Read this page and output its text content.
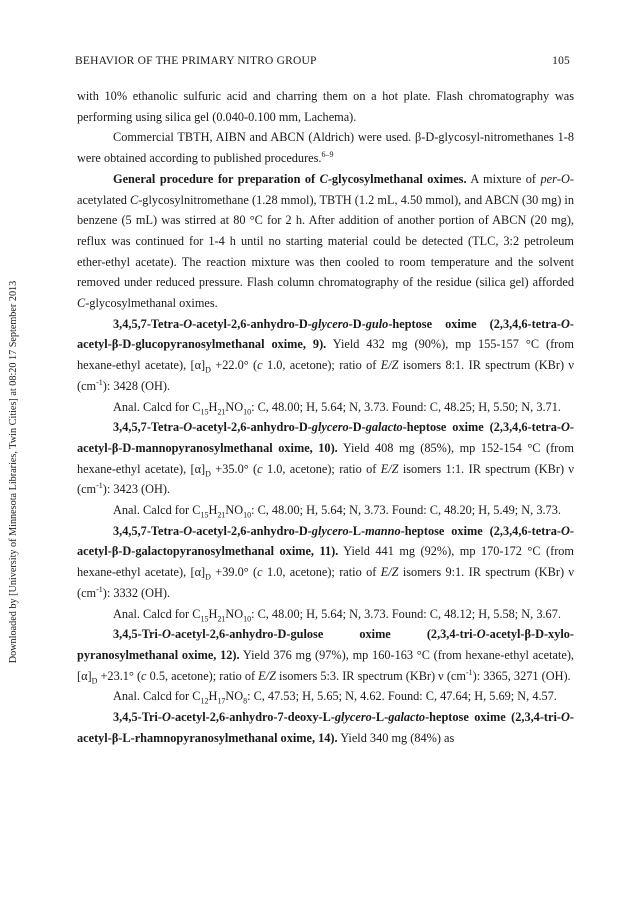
BEHAVIOR OF THE PRIMARY NITRO GROUP	105
Downloaded by [University of Minnesota Libraries, Twin Cities] at 08:20 17 September 2013

with 10% ethanolic sulfuric acid and charring them on a hot plate. Flash chromatography was performing using silica gel (0.040-0.100 mm, Lachema).

Commercial TBTH, AIBN and ABCN (Aldrich) were used. β-D-glycosyl-nitromethanes 1-8 were obtained according to published procedures.$^{6-9}$

General procedure for preparation of C-glycosylmethanal oximes. A mixture of per-O-acetylated C-glycosylnitromethane (1.28 mmol), TBTH (1.2 mL, 4.50 mmol), and ABCN (30 mg) in benzene (5 mL) was stirred at 80 °C for 2 h. After addition of another portion of ABCN (20 mg), reflux was continued for 1-4 h until no starting material could be detected (TLC, 3:2 petroleum ether-ethyl acetate). The reaction mixture was then cooled to room temperature and the solvent removed under reduced pressure. Flash column chromatography of the residue (silica gel) afforded C-glycosylmethanal oximes.

3,4,5,7-Tetra-O-acetyl-2,6-anhydro-D-glycero-D-gulo-heptose oxime (2,3,4,6-tetra-O-acetyl-β-D-glucopyranosylmethanal oxime, 9). Yield 432 mg (90%), mp 155-157 °C (from hexane-ethyl acetate), $[\alpha]_D +22.0^\circ$ (c 1.0, acetone); ratio of E/Z isomers 8:1. IR spectrum (KBr) ν $(cm^{-1})$: 3428 (OH).

Anal. Calcd for $C_{15}H_{21}NO_{10}$: C, 48.00; H, 5.64; N, 3.73. Found: C, 48.25; H, 5.50; N, 3.71.

3,4,5,7-Tetra-O-acetyl-2,6-anhydro-D-glycero-D-galacto-heptose oxime (2,3,4,6-tetra-O-acetyl-β-D-mannopyranosylmethanal oxime, 10). Yield 408 mg (85%), mp 152-154 °C (from hexane-ethyl acetate), $[\alpha]_D +35.0^\circ$ (c 1.0, acetone); ratio of E/Z isomers 1:1. IR spectrum (KBr) ν $(cm^{-1})$: 3423 (OH).

Anal. Calcd for $C_{15}H_{21}NO_{10}$: C, 48.00; H, 5.64; N, 3.73. Found: C, 48.20; H, 5.49; N, 3.73.

3,4,5,7-Tetra-O-acetyl-2,6-anhydro-D-glycero-L-manno-heptose oxime (2,3,4,6-tetra-O-acetyl-β-D-galactopyranosylmethanal oxime, 11). Yield 441 mg (92%), mp 170-172 °C (from hexane-ethyl acetate), $[\alpha]_D +39.0^\circ$ (c 1.0, acetone); ratio of E/Z isomers 9:1. IR spectrum (KBr) ν $(cm^{-1})$: 3332 (OH).

Anal. Calcd for $C_{15}H_{21}NO_{10}$: C, 48.00; H, 5.64; N, 3.73. Found: C, 48.12; H, 5.58; N, 3.67.

3,4,5-Tri-O-acetyl-2,6-anhydro-D-gulose oxime (2,3,4-tri-O-acetyl-β-D-xylo-pyranosylmethanal oxime, 12). Yield 376 mg (97%), mp 160-163 °C (from hexane-ethyl acetate), $[\alpha]_D +23.1^\circ$ (c 0.5, acetone); ratio of E/Z isomers 5:3. IR spectrum (KBr) ν $(cm^{-1})$: 3365, 3271 (OH).

Anal. Calcd for $C_{12}H_{17}NO_8$: C, 47.53; H, 5.65; N, 4.62. Found: C, 47.64; H, 5.69; N, 4.57.

3,4,5-Tri-O-acetyl-2,6-anhydro-7-deoxy-L-glycero-L-galacto-heptose oxime (2,3,4-tri-O-acetyl-β-L-rhamnopyranosylmethanal oxime, 14). Yield 340 mg (84%) as
